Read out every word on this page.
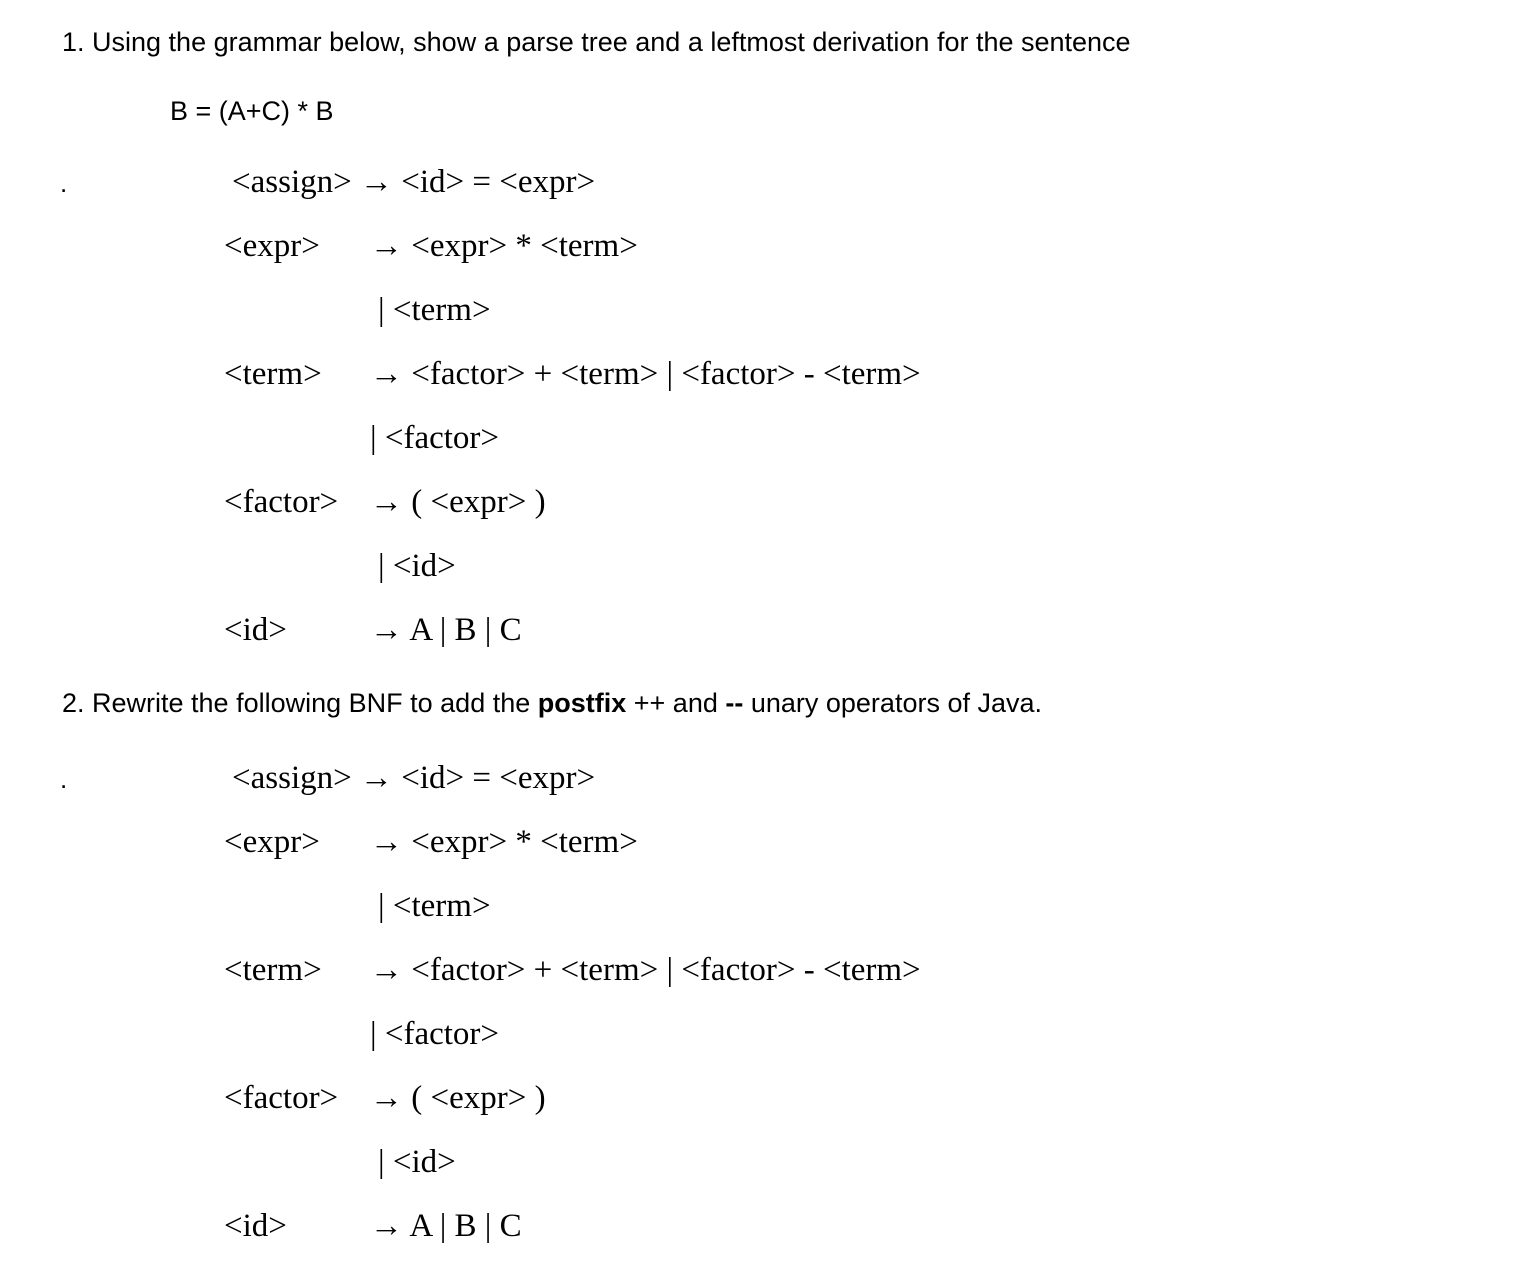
1. Using the grammar below, show a parse tree and a leftmost derivation for the sentence
B = (A+C) * B
.	<assign> → <id> = <expr>
<expr> → <expr> * <term>
| <term>
<term> → <factor> + <term> | <factor> - <term>
| <factor>
<factor> → ( <expr> )
| <id>
<id>	→ A | B | C
2. Rewrite the following BNF to add the postfix ++ and -- unary operators of Java.
.	<assign> → <id> = <expr>
<expr> → <expr> * <term>
| <term>
<term> → <factor> + <term> | <factor> - <term>
| <factor>
<factor> → ( <expr> )
| <id>
<id>	→ A | B | C
